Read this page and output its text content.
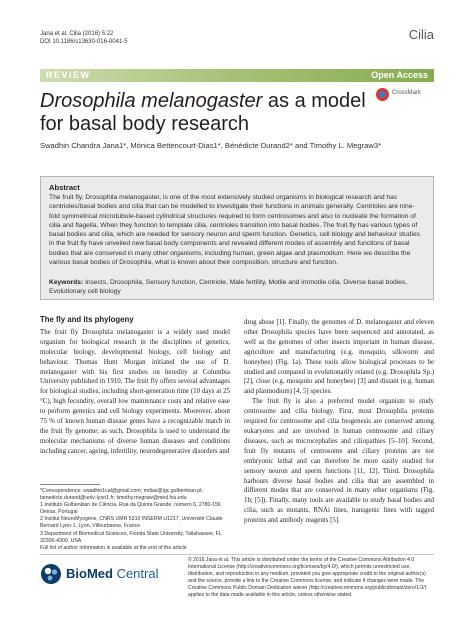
Jana et al. Cilia (2016) 5:22
DOI 10.1186/s13630-016-0041-5	Cilia
REVIEW	Open Access
Drosophila melanogaster as a model for basal body research
CrossMark
Swadhin Chandra Jana1*, Mónica Bettencourt-Dias1*, Bénédicte Durand2* and Timothy L. Megraw3*
Abstract
The fruit fly, Drosophila melanogaster, is one of the most extensively studied organisms in biological research and has centrioles/basal bodies and cilia that can be modelled to investigate their functions in animals generally. Centrioles are nine-fold symmetrical microtubule-based cylindrical structures required to form centrosomes and also to nucleate the formation of cilia and flagella. When they function to template cilia, centrioles transition into basal bodies. The fruit fly has various types of basal bodies and cilia, which are needed for sensory neuron and sperm function. Genetics, cell biology and behaviour studies in the fruit fly have unveiled new basal body components and revealed different modes of assembly and functions of basal bodies that are conserved in many other organisms, including human, green algae and plasmodium. Here we describe the various basal bodies of Drosophila, what is known about their composition, structure and function.
Keywords: Insects, Drosophila, Sensory function, Centriole, Male fertility, Motile and immotile cilia, Diverse basal bodies, Evolutionary cell biology
The fly and its phylogeny
The fruit fly Drosophila melanogaster is a widely used model organism for biological research in the disciplines of genetics, molecular biology, developmental biology, cell biology and behaviour. Thomas Hunt Morgan initiated the use of D. melanogaster with his first studies on heredity at Columbia University published in 1910. The fruit fly offers several advantages for biological studies, including short-generation time (10 days at 25 °C), high fecundity, overall low maintenance costs and relative ease to perform genetics and cell biology experiments. Moreover, about 75 % of known human disease genes have a recognizable match in the fruit fly genome; as such, Drosophila is used to understand the molecular mechanisms of diverse human diseases and conditions including cancer, ageing, infertility, neurodegenerative disorders and
drug abuse [1]. Finally, the genomes of D. melanogaster and eleven other Drosophila species have been sequenced and annotated, as well as the genomes of other insects important in human disease, agriculture and manufacturing (e.g. mosquito, silkworm and honeybee) (Fig. 1a). These tools allow biological processes to be studied and compared in evolutionarily related (e.g. Drosophila Sp.) [2], close (e.g. mosquito and honeybee) [3] and distant (e.g. human and plasmodium) [4, 5] species.
The fruit fly is also a preferred model organism to study centrosome and cilia biology. First, most Drosophila proteins required for centrosome and cilia biogenesis are conserved among eukaryotes and are involved in human centrosome and ciliary diseases, such as microcephalies and ciliopathies [5–10]. Second, fruit fly mutants of centrosome and ciliary proteins are not embryonic lethal and can therefore be more easily studied for sensory neuron and sperm functions [11, 12]. Third, Drosophila harbours diverse basal bodies and cilia that are assembled in different modes that are conserved in many other organisms (Fig. 1b; [5]). Finally, many tools are available to study basal bodies and cilia, such as mutants, RNAi lines, transgenic lines with tagged proteins and antibody reagents [5].
*Correspondence: swadhin1cal@gmail.com; mdias@igc.gulbenkian.pt; benedicte.durand@univ-lyon1.fr; timothy.megraw@med.fsu.edu
1 Instituto Gulbenkian de Ciência, Rua da Quinta Grande, número 6, 2780-156 Oeiras, Portugal
2 Institut NeuroMyogène, CNRS UMR 5310 INSERM U1217, Université Claude Bernard Lyon-1, Lyon, Villeurbanne, France
3 Department of Biomedical Sciences, Florida State University, Tallahassee, FL 32306-4300, USA
Full list of author information is available at the end of the article
BioMed Central
© 2016 Jana et al. This article is distributed under the terms of the Creative Commons Attribution 4.0 International License (http://creativecommons.org/licenses/by/4.0/), which permits unrestricted use, distribution, and reproduction in any medium, provided you give appropriate credit to the original author(s) and the source, provide a link to the Creative Commons license, and indicate if changes were made. The Creative Commons Public Domain Dedication waiver (http://creativecommons.org/publicdomain/zero/1.0/) applies to the data made available in this article, unless otherwise stated.
